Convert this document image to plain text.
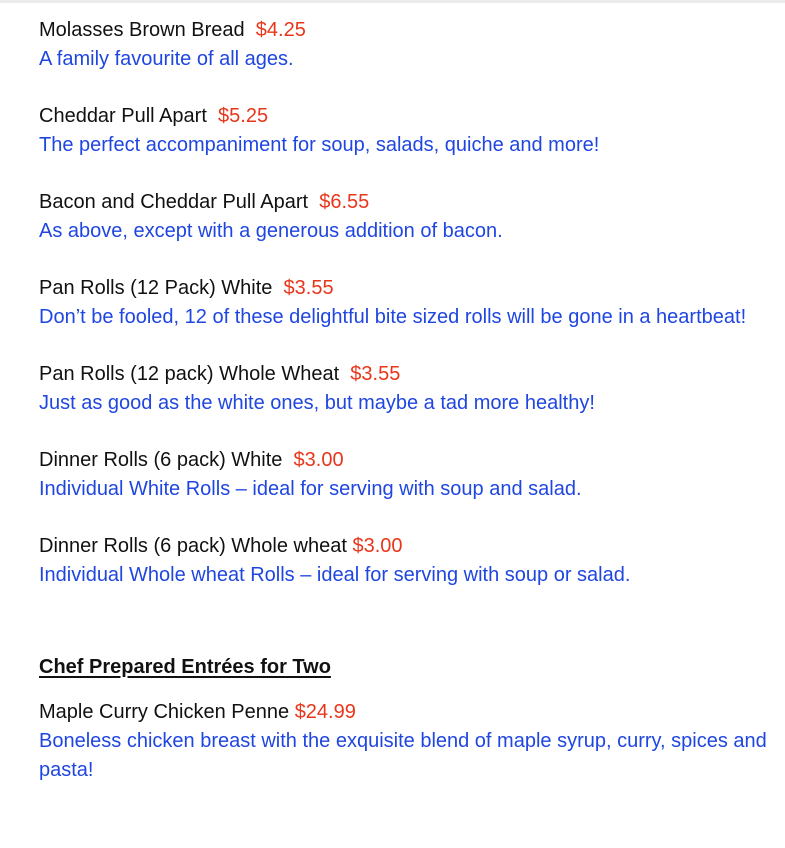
Molasses Brown Bread $4.25
A family favourite of all ages.
Cheddar Pull Apart $5.25
The perfect accompaniment for soup, salads, quiche and more!
Bacon and Cheddar Pull Apart $6.55
As above, except with a generous addition of bacon.
Pan Rolls (12 Pack) White $3.55
Don’t be fooled, 12 of these delightful bite sized rolls will be gone in a heartbeat!
Pan Rolls (12 pack) Whole Wheat $3.55
Just as good as the white ones, but maybe a tad more healthy!
Dinner Rolls (6 pack) White $3.00
Individual White Rolls – ideal for serving with soup and salad.
Dinner Rolls (6 pack) Whole wheat $3.00
Individual Whole wheat Rolls – ideal for serving with soup or salad.
Chef Prepared Entrées for Two
Maple Curry Chicken Penne $24.99
Boneless chicken breast with the exquisite blend of maple syrup, curry, spices and pasta!
